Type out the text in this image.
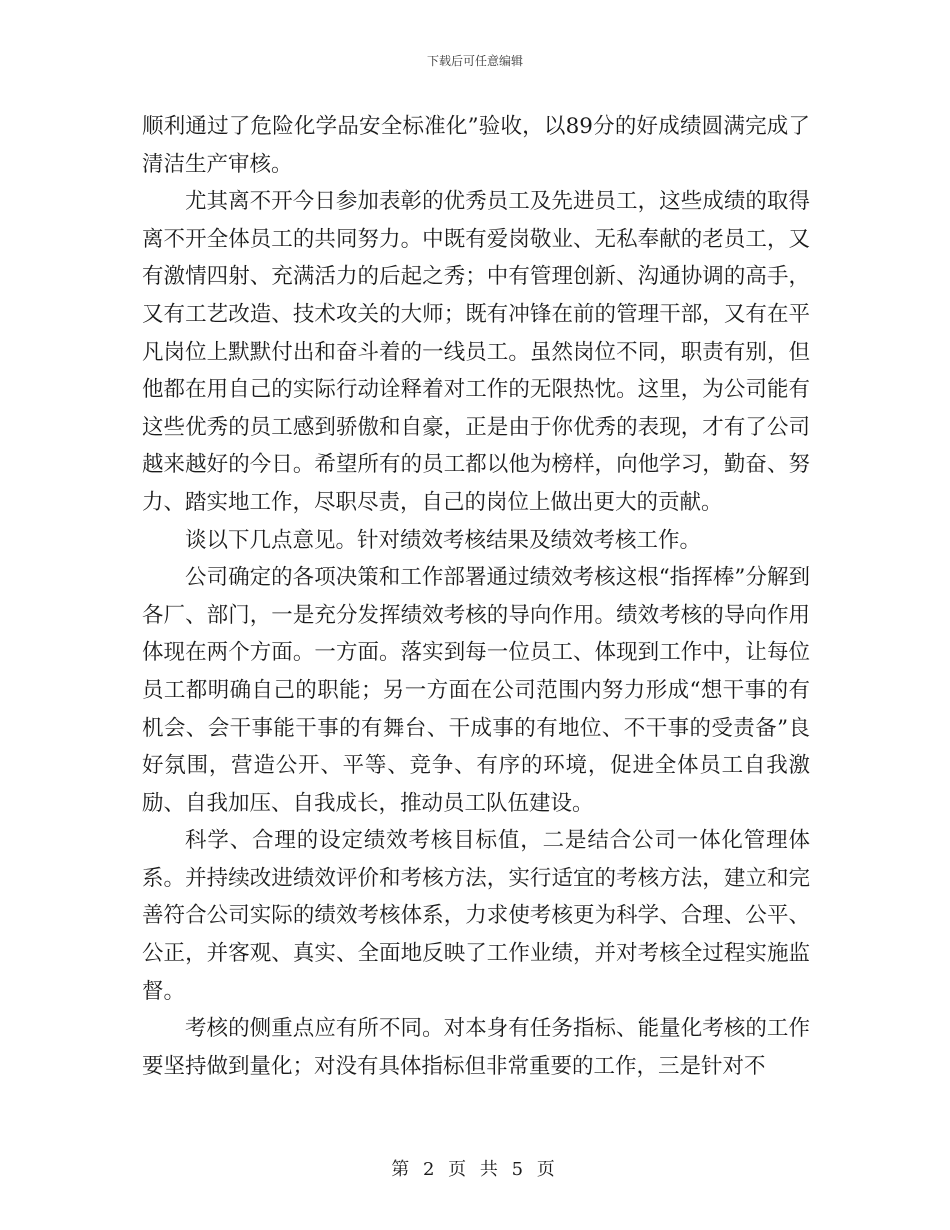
下载后可任意编辑

顺利通过了危险化学品安全标准化”验收，以89分的好成绩圆满完成了清洁生产审核。

尤其离不开今日参加表彰的优秀员工及先进员工，这些成绩的取得离不开全体员工的共同努力。中既有爱岗敬业、无私奉献的老员工，又有激情四射、充满活力的后起之秀；中有管理创新、沟通协调的高手，又有工艺改造、技术攻关的大师；既有冲锋在前的管理干部，又有在平凡岗位上默默付出和奋斗着的一线员工。虽然岗位不同，职责有别，但他都在用自己的实际行动诠释着对工作的无限热忱。这里，为公司能有这些优秀的员工感到骄傲和自豪，正是由于你优秀的表现，才有了公司越来越好的今日。希望所有的员工都以他为榜样，向他学习，勤奋、努力、踏实地工作，尽职尽责，自己的岗位上做出更大的贡献。

谈以下几点意见。针对绩效考核结果及绩效考核工作。

公司确定的各项决策和工作部署通过绩效考核这根“指挥棒”分解到各厂、部门，一是充分发挥绩效考核的导向作用。绩效考核的导向作用体现在两个方面。一方面。落实到每一位员工、体现到工作中，让每位员工都明确自己的职能；另一方面在公司范围内努力形成“想干事的有机会、会干事能干事的有舞台、干成事的有地位、不干事的受责备”良好氛围，营造公开、平等、竞争、有序的环境，促进全体员工自我激励、自我加压、自我成长，推动员工队伍建设。

科学、合理的设定绩效考核目标值，二是结合公司一体化管理体系。并持续改进绩效评价和考核方法，实行适宜的考核方法，建立和完善符合公司实际的绩效考核体系，力求使考核更为科学、合理、公平、公正，并客观、真实、全面地反映了工作业绩，并对考核全过程实施监督。

考核的侧重点应有所不同。对本身有任务指标、能量化考核的工作要坚持做到量化；对没有具体指标但非常重要的工作，三是针对不

第 2 页 共 5 页
